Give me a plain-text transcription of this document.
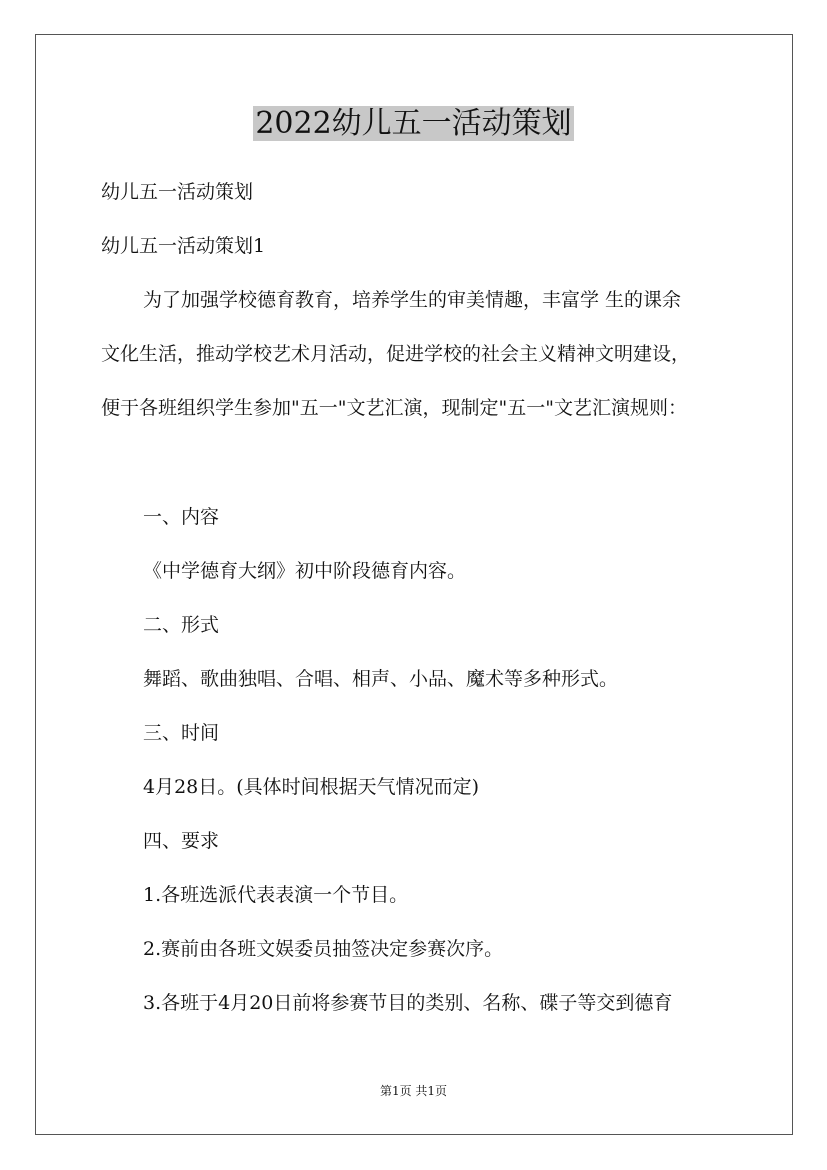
2022幼儿五一活动策划
幼儿五一活动策划
幼儿五一活动策划1
为了加强学校德育教育，培养学生的审美情趣，丰富学 生的课余
文化生活，推动学校艺术月活动，促进学校的社会主义精神文明建设，
便于各班组织学生参加"五一"文艺汇演，现制定"五一"文艺汇演规则：
一、内容
《中学德育大纲》初中阶段德育内容。
二、形式
舞蹈、歌曲独唱、合唱、相声、小品、魔术等多种形式。
三、时间
4月28日。(具体时间根据天气情况而定)
四、要求
1.各班选派代表表演一个节目。
2.赛前由各班文娱委员抽签决定参赛次序。
3.各班于4月20日前将参赛节目的类别、名称、碟子等交到德育
第1页 共1页
